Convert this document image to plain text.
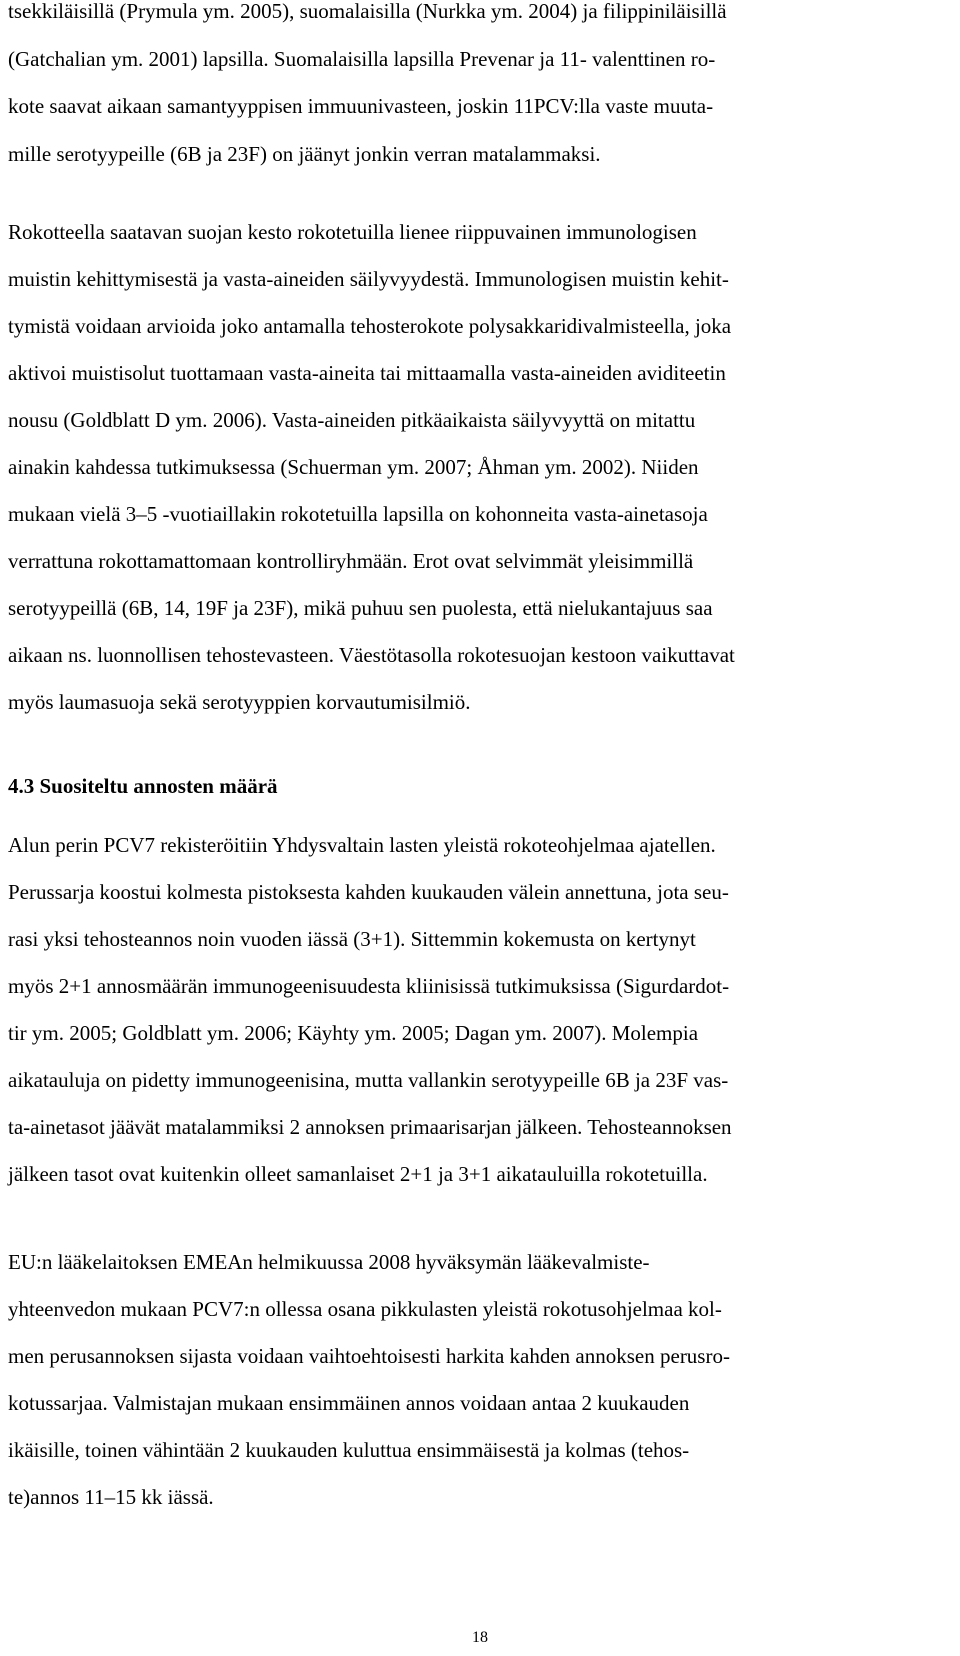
tsekkiläisillä (Prymula ym. 2005), suomalaisilla (Nurkka ym. 2004) ja filippiniläisillä

(Gatchalian ym. 2001) lapsilla. Suomalaisilla lapsilla Prevenar ja 11- valenttinen ro-

kote saavat aikaan samantyyppisen immuunivasteen, joskin 11PCV:lla vaste muuta-

mille serotyypeille (6B ja 23F) on jäänyt jonkin verran matalammaksi.

Rokotteella saatavan suojan kesto rokotetuilla lienee riippuvainen immunologisen

muistin kehittymisestä ja vasta-aineiden säilyvyydestä. Immunologisen muistin kehit-

tymistä voidaan arvioida joko antamalla tehosterokote polysakkaridivalmisteella, joka

aktivoi muistisolut tuottamaan vasta-aineita tai mittaamalla vasta-aineiden aviditeetin

nousu (Goldblatt D ym. 2006). Vasta-aineiden pitkäaikaista säilyvyyttä on mitattu

ainakin kahdessa tutkimuksessa (Schuerman ym. 2007; Åhman ym. 2002). Niiden

mukaan vielä 3–5 -vuotiaillakin rokotetuilla lapsilla on kohonneita vasta-ainetasoja

verrattuna rokottamattomaan kontrolliryhmään. Erot ovat selvimmät yleisimmillä

serotyypeillä (6B, 14, 19F ja 23F), mikä puhuu sen puolesta, että nielukantajuus saa

aikaan ns. luonnollisen tehostevasteen. Väestötasolla rokotesuojan kestoon vaikuttavat

myös laumasuoja sekä serotyyppien korvautumisilmiö.

4.3 Suositeltu annosten määrä

Alun perin PCV7 rekisteröitiin Yhdysvaltain lasten yleistä rokoteohjelmaa ajatellen.

Perussarja koostui kolmesta pistoksesta kahden kuukauden välein annettuna, jota seu-

rasi yksi tehosteannos noin vuoden iässä (3+1). Sittemmin kokemusta on kertynyt

myös 2+1 annosmäärän immunogeenisuudesta kliinisissä tutkimuksissa (Sigurdardot-

tir ym. 2005; Goldblatt ym. 2006; Käyhty ym. 2005; Dagan ym. 2007). Molempia

aikatauluja on pidetty immunogeenisina, mutta vallankin serotyypeille 6B ja 23F vas-

ta-ainetasot jäävät matalammiksi 2 annoksen primaarisarjan jälkeen. Tehosteannoksen

jälkeen tasot ovat kuitenkin olleet samanlaiset 2+1 ja 3+1 aikatauluilla rokotetuilla.

EU:n lääkelaitoksen EMEAn helmikuussa 2008 hyväksymän lääkevalmiste-

yhteenvedon mukaan PCV7:n ollessa osana pikkulasten yleistä rokotusohjelmaa kol-

men perusannoksen sijasta voidaan vaihtoehtoisesti harkita kahden annoksen perusro-

kotussarjaa. Valmistajan mukaan ensimmäinen annos voidaan antaa 2 kuukauden

ikäisille, toinen vähintään 2 kuukauden kuluttua ensimmäisestä ja kolmas (tehos-

te)annos 11–15 kk iässä.

18
